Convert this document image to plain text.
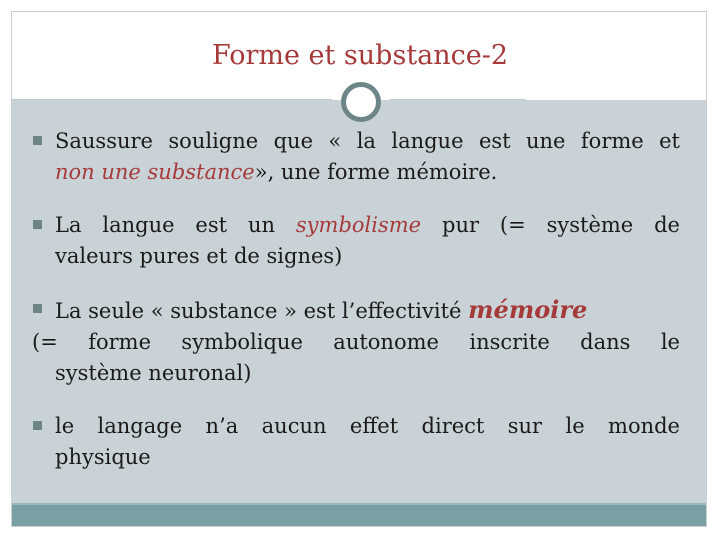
Forme et substance-2
Saussure souligne que « la langue est une forme et
non une substance», une forme mémoire.
La langue est un symbolisme pur (= système de
valeurs pures et de signes)
La seule « substance » est l’effectivité mémoire
(= forme symbolique autonome inscrite dans le
système neuronal)
le langage n’a aucun effet direct sur le monde
physique
